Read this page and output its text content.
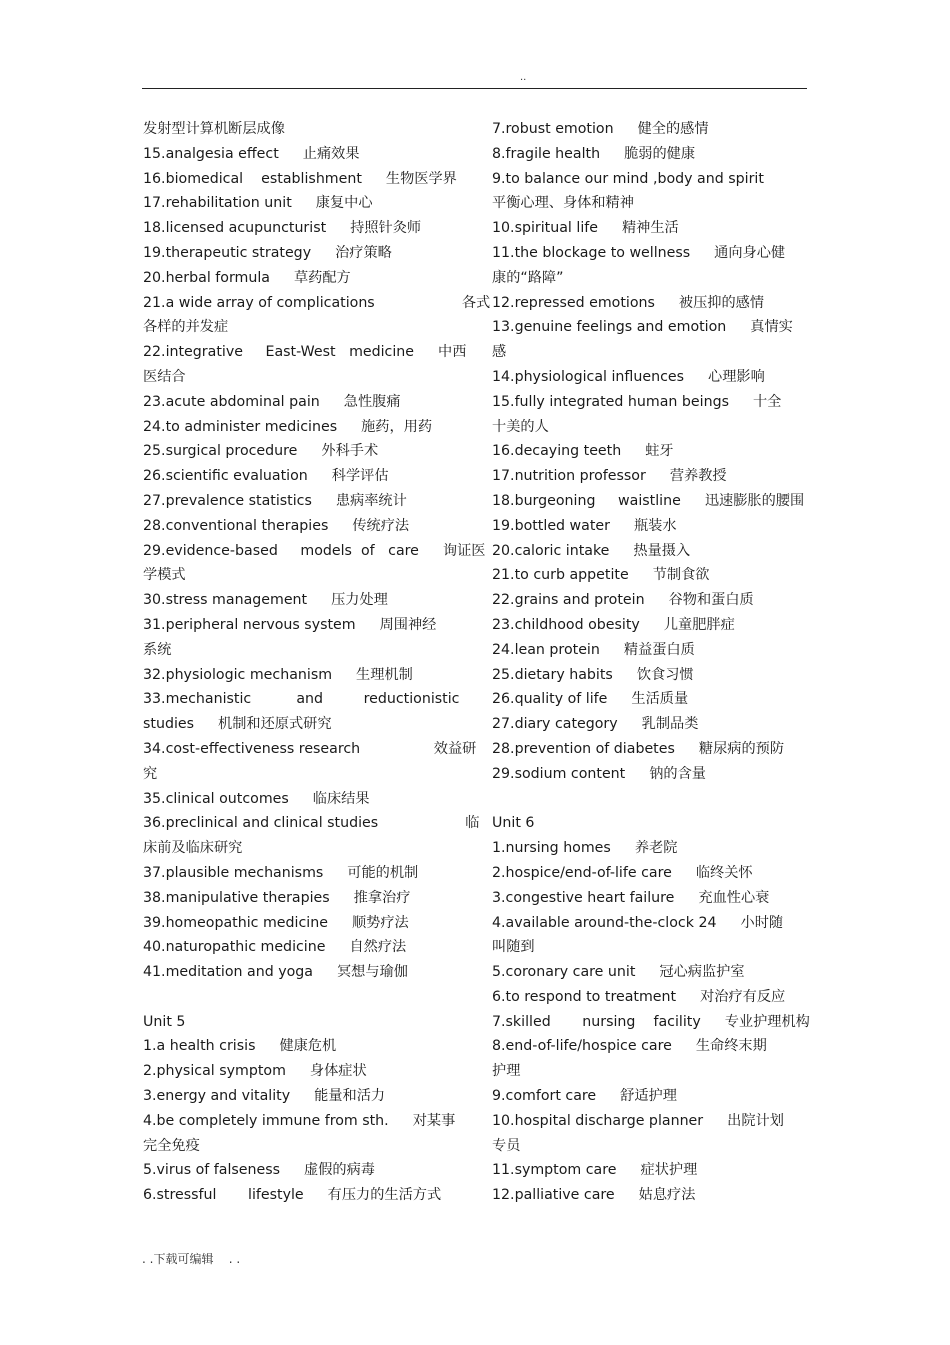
..
发射型计算机断层成像
15.analgesia effect 止痛效果
16.biomedical    establishment 生物医学界
17.rehabilitation unit 康复中心
18.licensed acupuncturist 持照针灸师
19.therapeutic strategy 治疗策略
20.herbal formula 草药配方
21.a wide array of complications              各式
各样的并发症
22.integrative     East-West   medicine 中西
医结合
23.acute abdominal pain 急性腹痛
24.to administer medicines 施药，用药
25.surgical procedure 外科手术
26.scientific evaluation 科学评估
27.prevalence statistics 患病率统计
28.conventional therapies 传统疗法
29.evidence-based     models  of   care 询证医
学模式
30.stress management 压力处理
31.peripheral nervous system 周围神经
系统
32.physiologic mechanism 生理机制
33.mechanistic          and         reductionistic
studies 机制和还原式研究
34.cost-effectiveness research           效益研
究
35.clinical outcomes 临床结果
36.preclinical and clinical studies              临
床前及临床研究
37.plausible mechanisms 可能的机制
38.manipulative therapies 推拿治疗
39.homeopathic medicine 顺势疗法
40.naturopathic medicine 自然疗法
41.meditation and yoga 冥想与瑜伽
Unit 5
1.a health crisis 健康危机
2.physical symptom 身体症状
3.energy and vitality 能量和活力
4.be completely immune from sth. 对某事
完全免疫
5.virus of falseness 虚假的病毒
6.stressful       lifestyle 有压力的生活方式
7.robust emotion 健全的感情
8.fragile health 脆弱的健康
9.to balance our mind ,body and spirit
平衡心理、身体和精神
10.spiritual life 精神生活
11.the blockage to wellness 通向身心健
康的“路障”
12.repressed emotions 被压抑的感情
13.genuine feelings and emotion 真情实
感
14.physiological influences 心理影响
15.fully integrated human beings 十全
十美的人
16.decaying teeth 蛀牙
17.nutrition professor 营养教授
18.burgeoning     waistline 迅速膨胀的腰围
19.bottled water 瓶装水
20.caloric intake 热量摄入
21.to curb appetite 节制食欲
22.grains and protein 谷物和蛋白质
23.childhood obesity 儿童肥胖症
24.lean protein 精益蛋白质
25.dietary habits 饮食习惯
26.quality of life 生活质量
27.diary category 乳制品类
28.prevention of diabetes 糖尿病的预防
29.sodium content 钠的含量
Unit 6
1.nursing homes 养老院
2.hospice/end-of-life care 临终关怀
3.congestive heart failure 充血性心衰
4.available around-the-clock 24 小时随
叫随到
5.coronary care unit 冠心病监护室
6.to respond to treatment 对治疗有反应
7.skilled       nursing    facility 专业护理机构
8.end-of-life/hospice care 生命终末期
护理
9.comfort care 舒适护理
10.hospital discharge planner 出院计划
专员
11.symptom care 症状护理
12.palliative care 姑息疗法
. .下载可编辑    . .
